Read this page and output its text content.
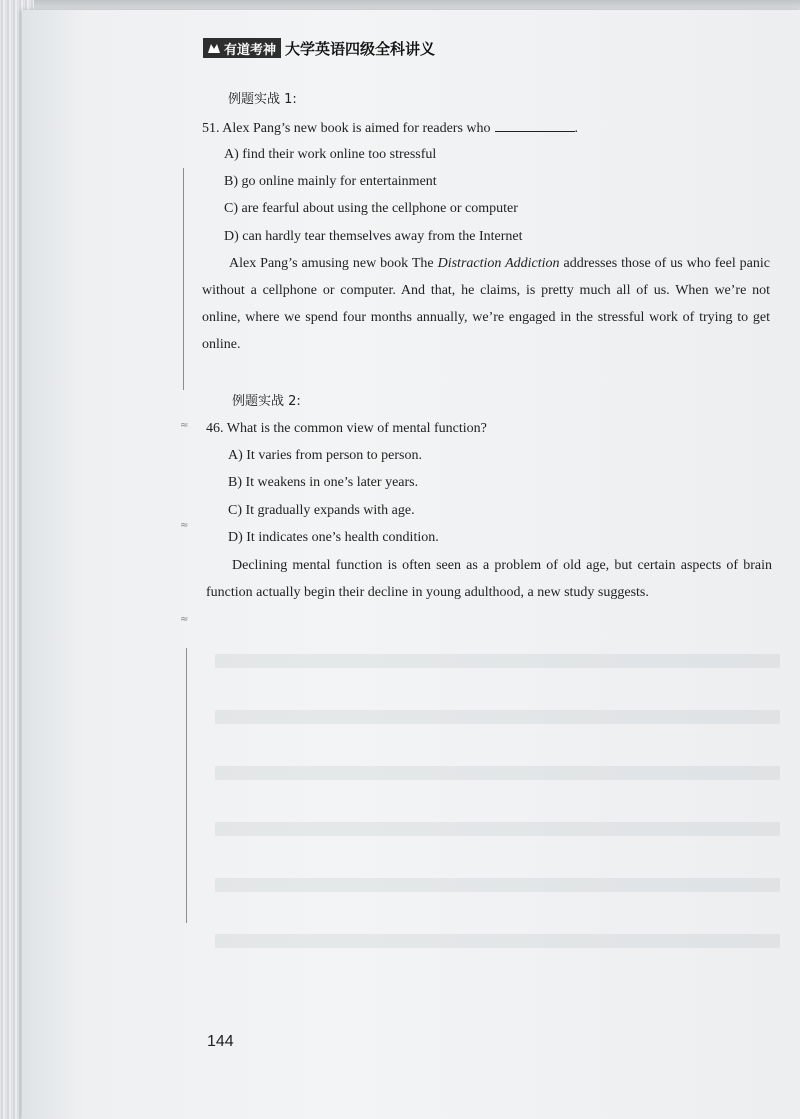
≈
≈
≈
有道考神 大学英语四级全科讲义
例题实战 1:
51. Alex Pang’s new book is aimed for readers who	.
A) find their work online too stressful
B) go online mainly for entertainment
C) are fearful about using the cellphone or computer
D) can hardly tear themselves away from the Internet
Alex Pang’s amusing new book The Distraction Addiction addresses those of us who feel panic without a cellphone or computer. And that, he claims, is pretty much all of us. When we’re not online, where we spend four months annually, we’re engaged in the stressful work of trying to get online.
例题实战 2:
46. What is the common view of mental function?
A) It varies from person to person.
B) It weakens in one’s later years.
C) It gradually expands with age.
D) It indicates one’s health condition.
Declining mental function is often seen as a problem of old age, but certain aspects of brain function actually begin their decline in young adulthood, a new study suggests.
144
